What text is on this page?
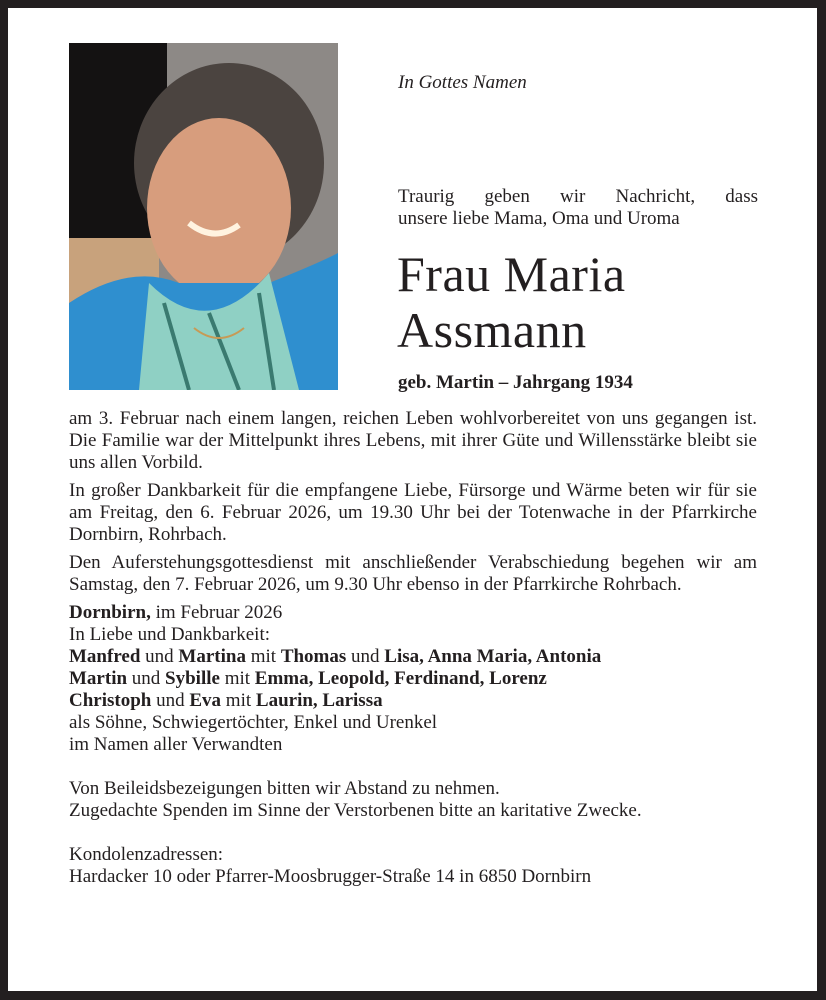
In Gottes Namen
Traurig geben wir Nachricht, dass
unsere liebe Mama, Oma und Uroma
Frau Maria
Assmann
geb. Martin – Jahrgang 1934

am 3. Februar nach einem langen, reichen Leben wohlvorbereitet von uns gegangen ist. Die Familie war der Mittelpunkt ihres Lebens, mit ihrer Güte und Willensstärke bleibt sie uns allen Vorbild.

In großer Dankbarkeit für die empfangene Liebe, Fürsorge und Wärme beten wir für sie am Freitag, den 6. Februar 2026, um 19.30 Uhr bei der Totenwache in der Pfarrkirche Dornbirn, Rohrbach.

Den Auferstehungsgottesdienst mit anschließender Verabschiedung begehen wir am Samstag, den 7. Februar 2026, um 9.30 Uhr ebenso in der Pfarrkirche Rohrbach.

Dornbirn, im Februar 2026

In Liebe und Dankbarkeit:

Manfred und Martina mit Thomas und Lisa, Anna Maria, Antonia

Martin und Sybille mit Emma, Leopold, Ferdinand, Lorenz

Christoph und Eva mit Laurin, Larissa

als Söhne, Schwiegertöchter, Enkel und Urenkel

im Namen aller Verwandten

Von Beileidsbezeigungen bitten wir Abstand zu nehmen.

Zugedachte Spenden im Sinne der Verstorbenen bitte an karitative Zwecke.

Kondolenzadressen:

Hardacker 10 oder Pfarrer-Moosbrugger-Straße 14 in 6850 Dornbirn
